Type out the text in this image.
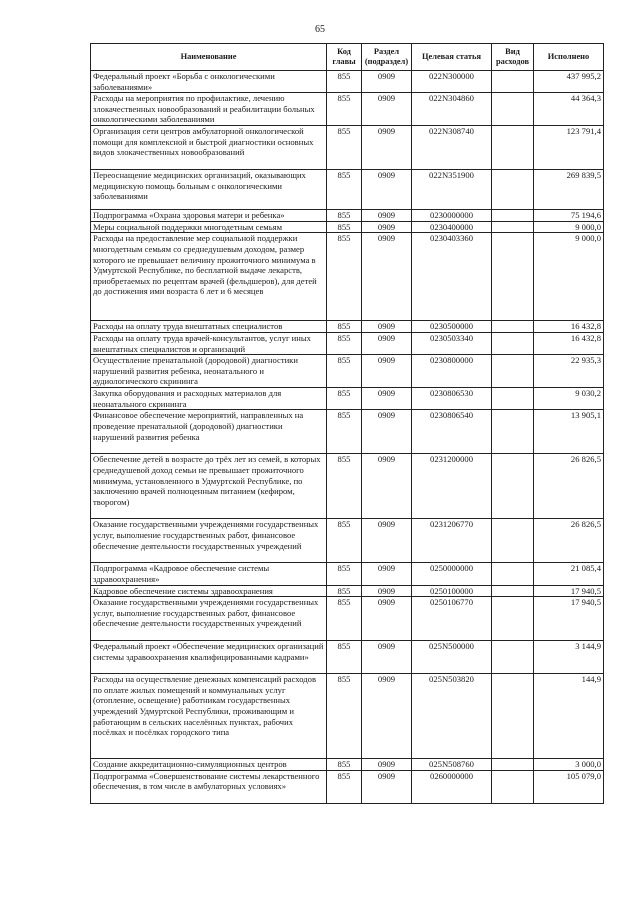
65
Наименование	Код главы	Раздел (подраздел)	Целевая статья	Вид расходов	Исполнено
Федеральный проект «Борьба с онкологическими заболеваниями»	855	0909	022N300000		437 995,2
Расходы на мероприятия по профилактике, лечению злокачественных новообразований и реабилитации больных онкологическими заболеваниями	855	0909	022N304860		44 364,3
Организация сети центров амбулаторной онкологической помощи для комплексной и быстрой диагностики основных видов злокачественных новообразований	855	0909	022N308740		123 791,4
Переоснащение медицинских организаций, оказывающих медицинскую помощь больным с онкологическими заболеваниями	855	0909	022N351900		269 839,5
Подпрограмма «Охрана здоровья матери и ребенка»	855	0909	0230000000		75 194,6
Меры социальной поддержки многодетным семьям	855	0909	0230400000		9 000,0
Расходы на предоставление мер социальной поддержки многодетным семьям со среднедушевым доходом, размер которого не превышает величину прожиточного минимума в Удмуртской Республике, по бесплатной выдаче лекарств, приобретаемых по рецептам врачей (фельдшеров), для детей до достижения ими возраста 6 лет и 6 месяцев	855	0909	0230403360		9 000,0
Расходы на оплату труда внештатных специалистов	855	0909	0230500000		16 432,8
Расходы на оплату труда врачей-консультантов, услуг иных внештатных специалистов и организаций	855	0909	0230503340		16 432,8
Осуществление пренатальной (дородовой) диагностики нарушений развития ребенка, неонатального и аудиологического скрининга	855	0909	0230800000		22 935,3
Закупка оборудования и расходных материалов для неонатального скрининга	855	0909	0230806530		9 030,2
Финансовое обеспечение мероприятий, направленных на проведение пренатальной (дородовой) диагностики нарушений развития ребенка	855	0909	0230806540		13 905,1
Обеспечение детей в возрасте до трёх лет из семей, в которых среднедушевой доход семьи не превышает прожиточного минимума, установленного в Удмуртской Республике, по заключению врачей полноценным питанием (кефиром, творогом)	855	0909	0231200000		26 826,5
Оказание государственными учреждениями государственных услуг, выполнение государственных работ, финансовое обеспечение деятельности государственных учреждений	855	0909	0231206770		26 826,5
Подпрограмма «Кадровое обеспечение системы здравоохранения»	855	0909	0250000000		21 085,4
Кадровое обеспечение системы здравоохранения	855	0909	0250100000		17 940,5
Оказание государственными учреждениями государственных услуг, выполнение государственных работ, финансовое обеспечение деятельности государственных учреждений	855	0909	0250106770		17 940,5
Федеральный проект «Обеспечение медицинских организаций системы здравоохранения квалифицированными кадрами»	855	0909	025N500000		3 144,9
Расходы на осуществление денежных компенсаций расходов по оплате жилых помещений и коммунальных услуг (отопление, освещение) работникам государственных учреждений Удмуртской Республики, проживающим и работающим в сельских населённых пунктах, рабочих посёлках и посёлках городского типа	855	0909	025N503820		144,9
Создание аккредитационно-симуляционных центров	855	0909	025N508760		3 000,0
Подпрограмма «Совершенствование системы лекарственного обеспечения, в том числе в амбулаторных условиях»	855	0909	0260000000		105 079,0
